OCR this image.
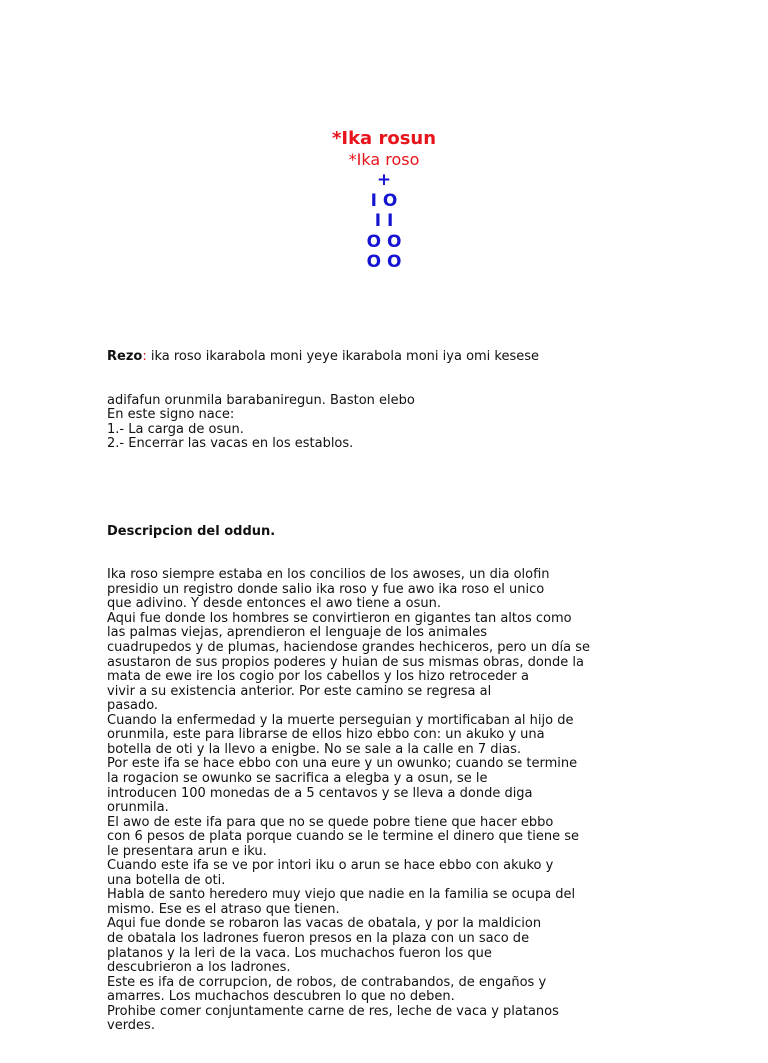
*Ika rosun
*Ika roso
+
I O
I I
O O
O O

Rezo: ika roso ikarabola moni yeye ikarabola moni iya omi kesese

adifafun orunmila barabaniregun. Baston elebo
En este signo nace:
1.- La carga de osun.
2.- Encerrar las vacas en los establos.

Descripcion del oddun.

Ika roso siempre estaba en los concilios de los awoses, un dia olofin
presidio un registro donde salio ika roso y fue awo ika roso el unico
que adivino. Y desde entonces el awo tiene a osun.
Aqui fue donde los hombres se convirtieron en gigantes tan altos como
las palmas viejas, aprendieron el lenguaje de los animales
cuadrupedos y de plumas, haciendose grandes hechiceros, pero un día se
asustaron de sus propios poderes y huian de sus mismas obras, donde la
mata de ewe ire los cogio por los cabellos y los hizo retroceder a
vivir a su existencia anterior. Por este camino se regresa al
pasado.
Cuando la enfermedad y la muerte perseguian y mortificaban al hijo de
orunmila, este para librarse de ellos hizo ebbo con: un akuko y una
botella de oti y la llevo a enigbe. No se sale a la calle en 7 dias.
Por este ifa se hace ebbo con una eure y un owunko; cuando se termine
la rogacion se owunko se sacrifica a elegba y a osun, se le
introducen 100 monedas de a 5 centavos y se lleva a donde diga
orunmila.
El awo de este ifa para que no se quede pobre tiene que hacer ebbo
con 6 pesos de plata porque cuando se le termine el dinero que tiene se
le presentara arun e iku.
Cuando este ifa se ve por intori iku o arun se hace ebbo con akuko y
una botella de oti.
Habla de santo heredero muy viejo que nadie en la familia se ocupa del
mismo. Ese es el atraso que tienen.
Aqui fue donde se robaron las vacas de obatala, y por la maldicion
de obatala los ladrones fueron presos en la plaza con un saco de
platanos y la leri de la vaca. Los muchachos fueron los que
descubrieron a los ladrones.
Este es ifa de corrupcion, de robos, de contrabandos, de engaños y
amarres. Los muchachos descubren lo que no deben.
Prohibe comer conjuntamente carne de res, leche de vaca y platanos
verdes.
